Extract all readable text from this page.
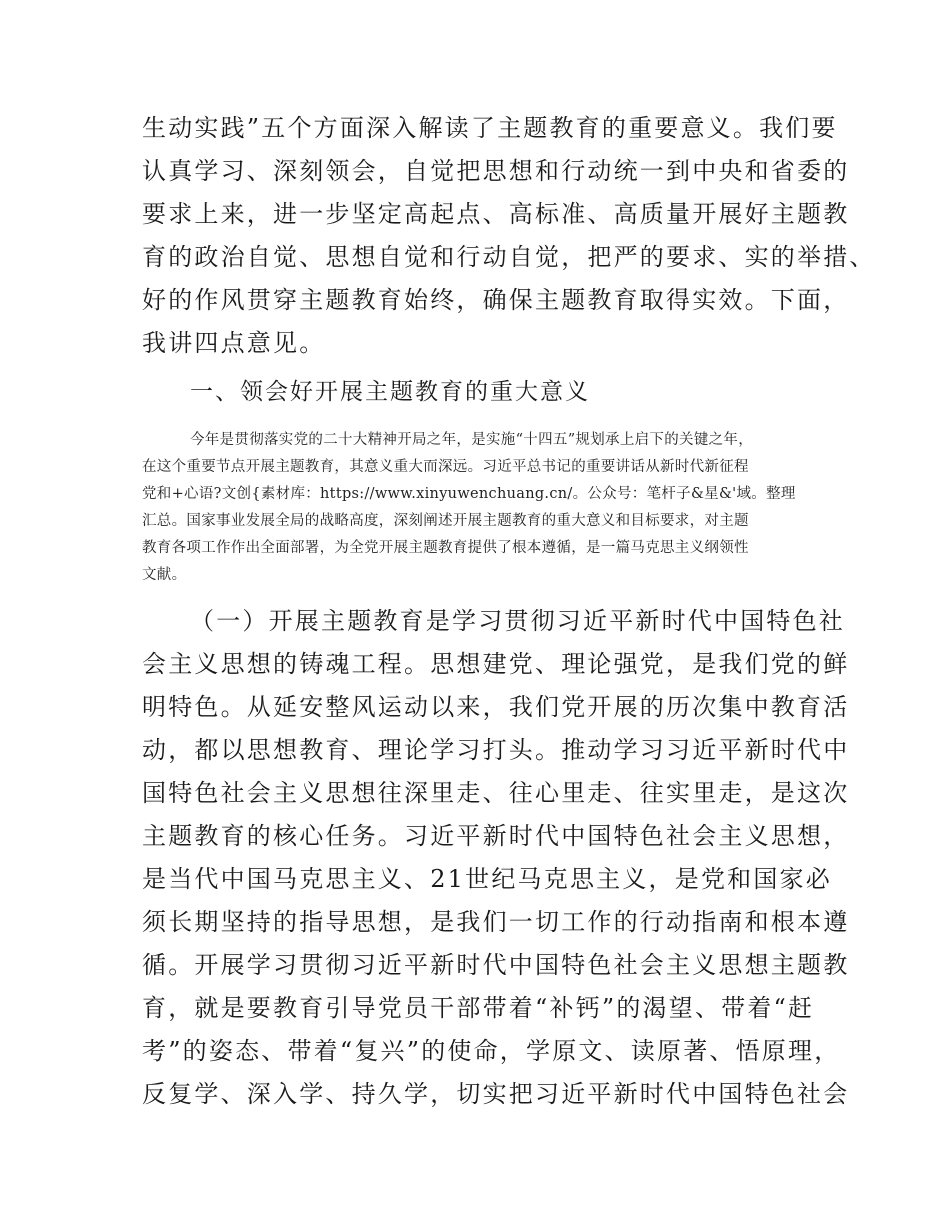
生动实践”五个方面深入解读了主题教育的重要意义。我们要
认真学习、深刻领会，自觉把思想和行动统一到中央和省委的
要求上来，进一步坚定高起点、高标准、高质量开展好主题教
育的政治自觉、思想自觉和行动自觉，把严的要求、实的举措、
好的作风贯穿主题教育始终，确保主题教育取得实效。下面，
我讲四点意见。
一、领会好开展主题教育的重大意义
今年是贯彻落实党的二十大精神开局之年，是实施“十四五”规划承上启下的关键之年，
在这个重要节点开展主题教育，其意义重大而深远。习近平总书记的重要讲话从新时代新征程
党和+心语?文创{素材库：https://www.xinyuwenchuang.cn/。公众号：笔杆子&星&'域。整理
汇总。国家事业发展全局的战略高度，深刻阐述开展主题教育的重大意义和目标要求，对主题
教育各项工作作出全面部署，为全党开展主题教育提供了根本遵循，是一篇马克思主义纲领性
文献。
（一）开展主题教育是学习贯彻习近平新时代中国特色社
会主义思想的铸魂工程。思想建党、理论强党，是我们党的鲜
明特色。从延安整风运动以来，我们党开展的历次集中教育活
动，都以思想教育、理论学习打头。推动学习习近平新时代中
国特色社会主义思想往深里走、往心里走、往实里走，是这次
主题教育的核心任务。习近平新时代中国特色社会主义思想，
是当代中国马克思主义、21世纪马克思主义，是党和国家必
须长期坚持的指导思想，是我们一切工作的行动指南和根本遵
循。开展学习贯彻习近平新时代中国特色社会主义思想主题教
育，就是要教育引导党员干部带着“补钙”的渴望、带着“赶
考”的姿态、带着“复兴”的使命，学原文、读原著、悟原理，
反复学、深入学、持久学，切实把习近平新时代中国特色社会
